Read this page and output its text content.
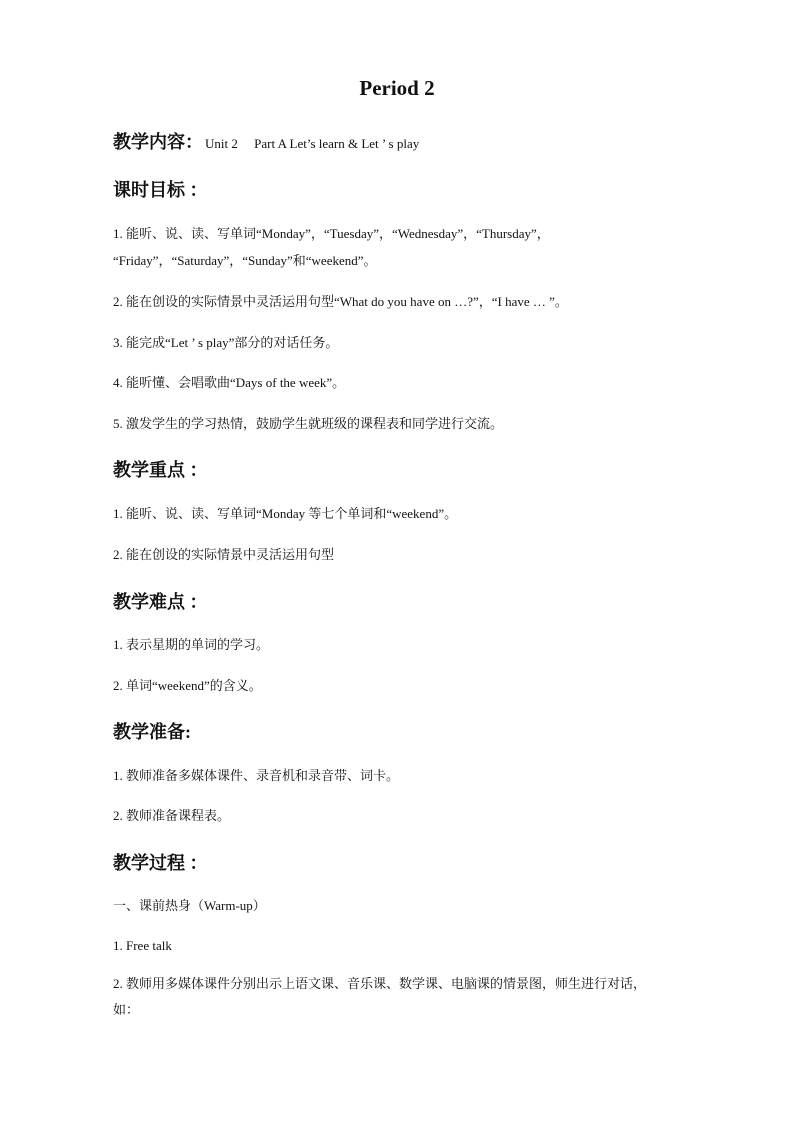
Period 2
教学内容： Unit 2　 Part A Let’s learn & Let ’ s play
课时目标 ：
1. 能听、说、读、写单词“Monday”，“Tuesday”，“Wednesday”，“Thursday”，
“Friday”，“Saturday”，“Sunday”和“weekend”。
2. 能在创设的实际情景中灵活运用句型“What do you have on …?”，“I have … ”。
3. 能完成“Let ’ s play”部分的对话任务。
4. 能听懂、会唱歌曲“Days of the week”。
5. 激发学生的学习热情，鼓励学生就班级的课程表和同学进行交流。
教学重点 ：
1. 能听、说、读、写单词“Monday 等七个单词和“weekend”。
2. 能在创设的实际情景中灵活运用句型
教学难点 ：
1. 表示星期的单词的学习。
2. 单词“weekend”的含义。
教学准备:
1. 教师准备多媒体课件、录音机和录音带、词卡。
2. 教师准备课程表。
教学过程 ：
一、课前热身（Warm-up）
1. Free talk
2. 教师用多媒体课件分别出示上语文课、音乐课、数学课、电脑课的情景图，师生进行对话，
如：
